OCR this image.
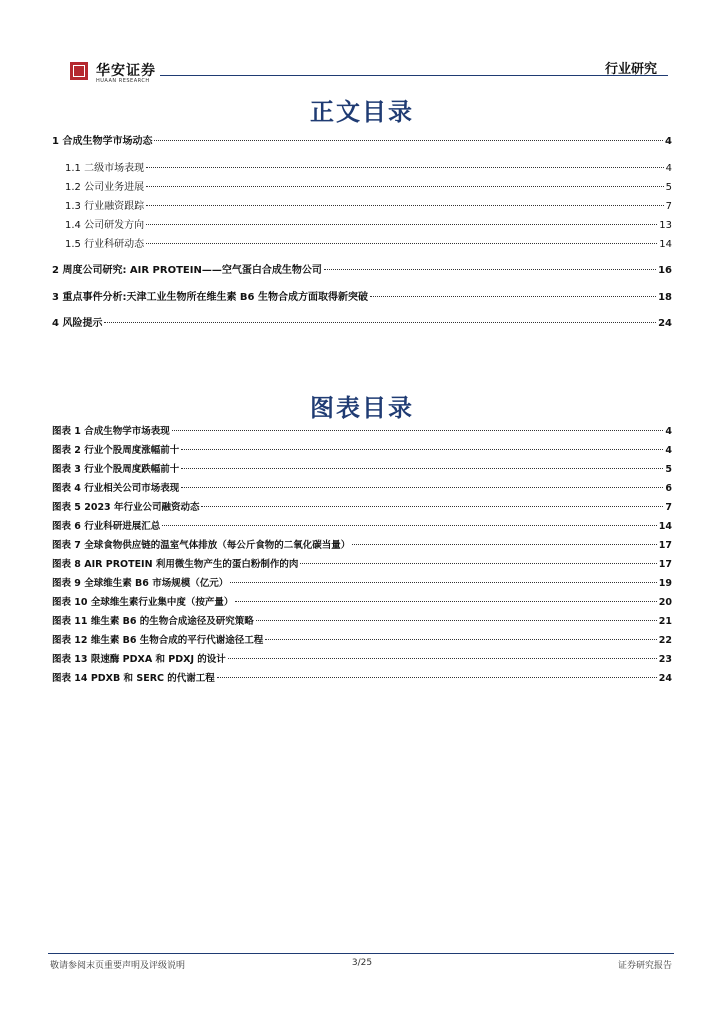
华安证券
HUAAN RESEARCH
行业研究
正文目录
1 合成生物学市场动态	4
1.1 二级市场表现	4
1.2 公司业务进展	5
1.3 行业融资跟踪	7
1.4 公司研发方向	13
1.5 行业科研动态	14
2 周度公司研究: AIR PROTEIN——空气蛋白合成生物公司	16
3 重点事件分析:天津工业生物所在维生素 B6 生物合成方面取得新突破	18
4 风险提示	24
图表目录
图表 1 合成生物学市场表现	4
图表 2 行业个股周度涨幅前十	4
图表 3 行业个股周度跌幅前十	5
图表 4 行业相关公司市场表现	6
图表 5 2023 年行业公司融资动态	7
图表 6 行业科研进展汇总	14
图表 7 全球食物供应链的温室气体排放（每公斤食物的二氧化碳当量）	17
图表 8 AIR PROTEIN 利用微生物产生的蛋白粉制作的肉	17
图表 9 全球维生素 B6 市场规模（亿元）	19
图表 10 全球维生素行业集中度（按产量）	20
图表 11 维生素 B6 的生物合成途径及研究策略	21
图表 12 维生素 B6 生物合成的平行代谢途径工程	22
图表 13 限速酶 PDXA 和 PDXJ 的设计	23
图表 14 PDXB 和 SERC 的代谢工程	24
敬请参阅末页重要声明及评级说明	3/25	证券研究报告
